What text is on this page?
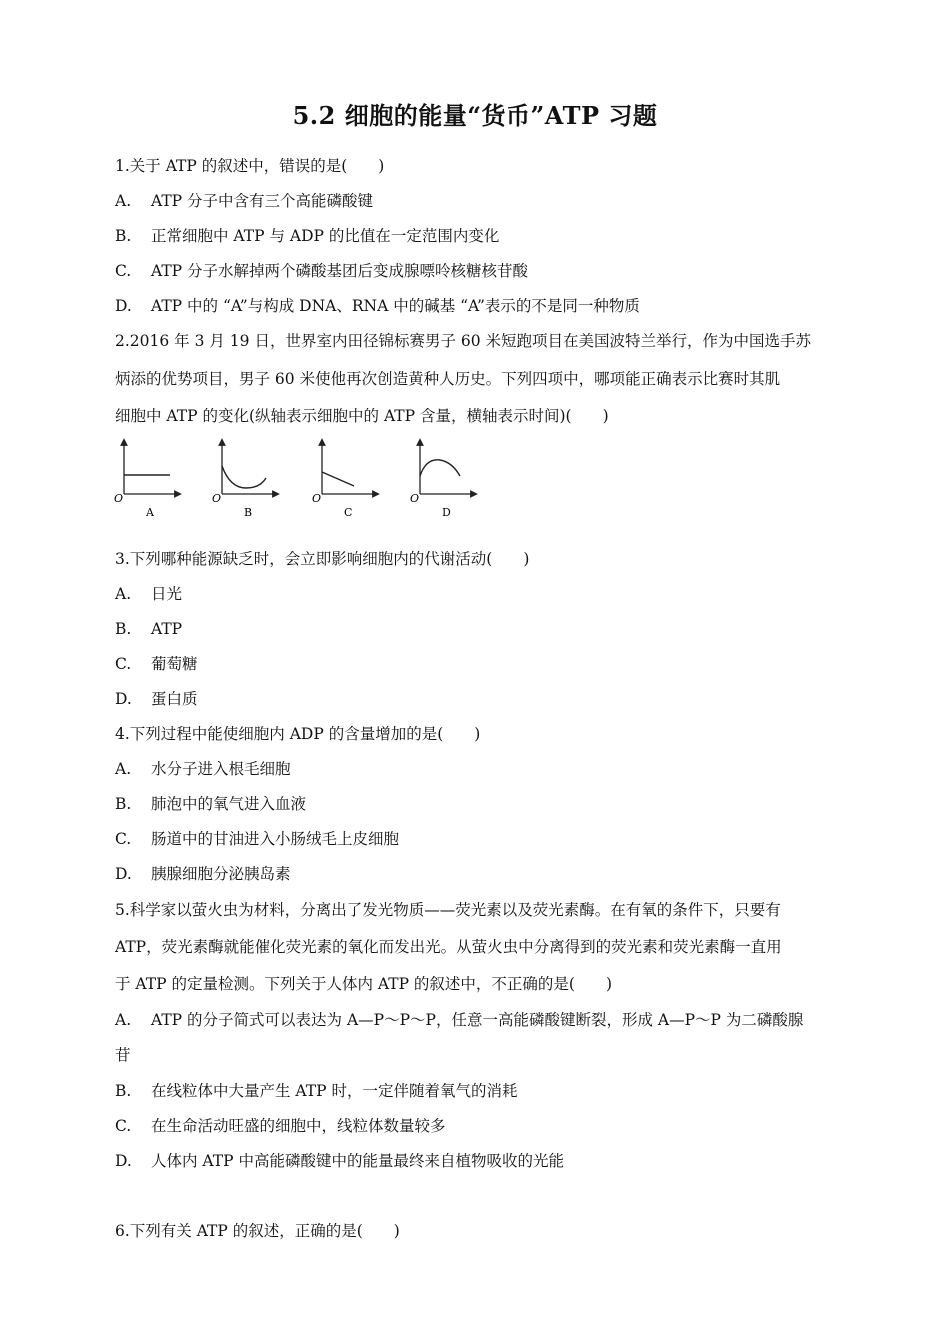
5.2 细胞的能量“货币”ATP 习题
1.关于 ATP 的叙述中，错误的是(　　)
A. ATP 分子中含有三个高能磷酸键
B. 正常细胞中 ATP 与 ADP 的比值在一定范围内变化
C. ATP 分子水解掉两个磷酸基团后变成腺嘌呤核糖核苷酸
D. ATP 中的 “A”与构成 DNA、RNA 中的碱基 “A”表示的不是同一种物质
2.2016 年 3 月 19 日，世界室内田径锦标赛男子 60 米短跑项目在美国波特兰举行，作为中国选手苏
炳添的优势项目，男子 60 米使他再次创造黄种人历史。下列四项中，哪项能正确表示比赛时其肌
细胞中 ATP 的变化(纵轴表示细胞中的 ATP 含量，横轴表示时间)(　　)
O
A
O
B
O
C
O
D
3.下列哪种能源缺乏时，会立即影响细胞内的代谢活动(　　)
A. 日光
B. ATP
C. 葡萄糖
D. 蛋白质
4.下列过程中能使细胞内 ADP 的含量增加的是(　　)
A. 水分子进入根毛细胞
B. 肺泡中的氧气进入血液
C. 肠道中的甘油进入小肠绒毛上皮细胞
D. 胰腺细胞分泌胰岛素
5.科学家以萤火虫为材料，分离出了发光物质——荧光素以及荧光素酶。在有氧的条件下，只要有
ATP，荧光素酶就能催化荧光素的氧化而发出光。从萤火虫中分离得到的荧光素和荧光素酶一直用
于 ATP 的定量检测。下列关于人体内 ATP 的叙述中，不正确的是(　　)
A. ATP 的分子简式可以表达为 A—P～P～P，任意一高能磷酸键断裂，形成 A—P～P 为二磷酸腺
苷
B. 在线粒体中大量产生 ATP 时，一定伴随着氧气的消耗
C. 在生命活动旺盛的细胞中，线粒体数量较多
D. 人体内 ATP 中高能磷酸键中的能量最终来自植物吸收的光能
6.下列有关 ATP 的叙述，正确的是(　　)
